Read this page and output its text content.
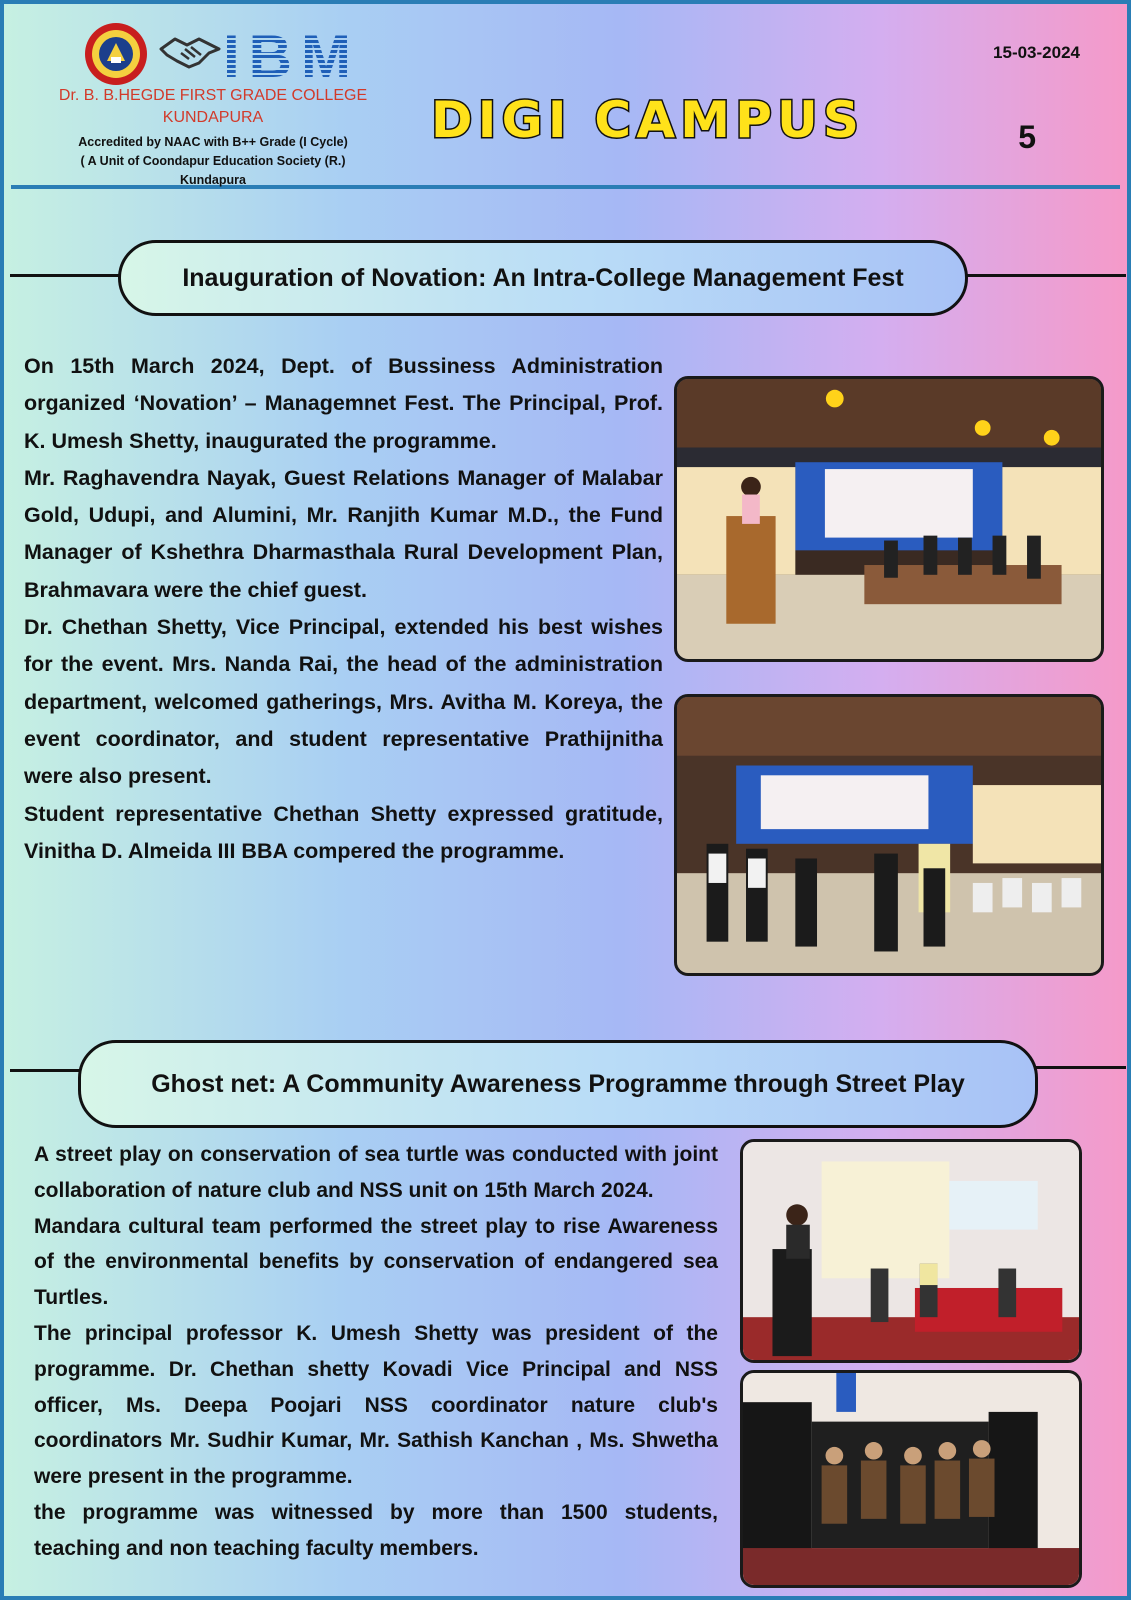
IBM
Dr. B. B.HEGDE FIRST GRADE COLLEGE
KUNDAPURA
Accredited by NAAC with B++ Grade (I Cycle)
( A Unit of Coondapur Education Society (R.)
Kundapura
DIGI CAMPUS
15-03-2024
5
Inauguration of Novation: An Intra-College Management Fest

On 15th March 2024, Dept. of Bussiness Administration organized ‘Novation’ – Managemnet Fest. The Principal, Prof. K. Umesh Shetty, inaugurated the programme.

Mr. Raghavendra Nayak, Guest Relations Manager of Malabar Gold, Udupi, and Alumini, Mr. Ranjith Kumar M.D., the Fund Manager of Kshethra Dharmasthala Rural Development Plan, Brahmavara were the chief guest.

Dr. Chethan Shetty, Vice Principal, extended his best wishes for the event. Mrs. Nanda Rai, the head of the administration department, welcomed gatherings, Mrs. Avitha M. Koreya, the event coordinator, and student representative Prathijnitha were also present.

Student representative Chethan Shetty expressed gratitude, Vinitha D. Almeida III BBA compered the programme.

Ghost net: A Community Awareness Programme through Street Play

A street play on conservation of sea turtle was conducted with joint collaboration of nature club and NSS unit on 15th March 2024.

Mandara cultural team performed the street play to rise Awareness of the environmental benefits by conservation of endangered sea Turtles.

The principal professor K. Umesh Shetty was president of the programme. Dr. Chethan shetty Kovadi Vice Principal and NSS officer, Ms. Deepa Poojari NSS coordinator nature club's coordinators Mr. Sudhir Kumar, Mr. Sathish Kanchan , Ms. Shwetha were present in the programme.

the programme was witnessed by more than 1500 students, teaching and non teaching faculty members.
